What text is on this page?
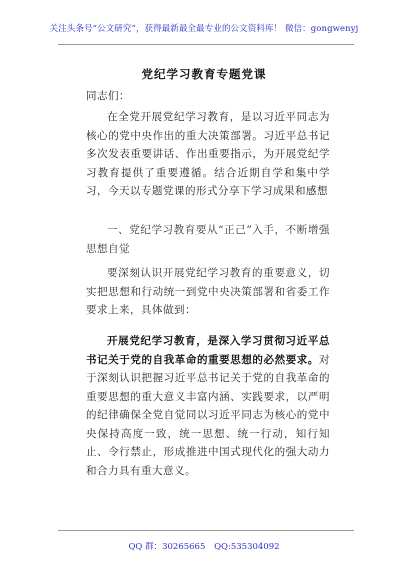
关注头条号“公文研究”，获得最新最全最专业的公文资料库！ 微信：gongwenyj
党纪学习教育专题党课
同志们：
在全党开展党纪学习教育，是以习近平同志为核心的党中央作出的重大决策部署。习近平总书记多次发表重要讲话、作出重要指示，为开展党纪学习教育提供了重要遵循。结合近期自学和集中学习，今天以专题党课的形式分享下学习成果和感想
一、党纪学习教育要从“正己”入手，不断增强思想自觉
要深刻认识开展党纪学习教育的重要意义，切实把思想和行动统一到党中央决策部署和省委工作要求上来，具体做到：
开展党纪学习教育，是深入学习贯彻习近平总书记关于党的自我革命的重要思想的必然要求。对于深刻认识把握习近平总书记关于党的自我革命的重要思想的重大意义丰富内涵、实践要求，以严明的纪律确保全党自觉同以习近平同志为核心的党中央保持高度一致，统一思想、统一行动，知行知止、令行禁止，形成推进中国式现代化的强大动力和合力具有重大意义。
QQ 群：30265665 QQ:535304092
